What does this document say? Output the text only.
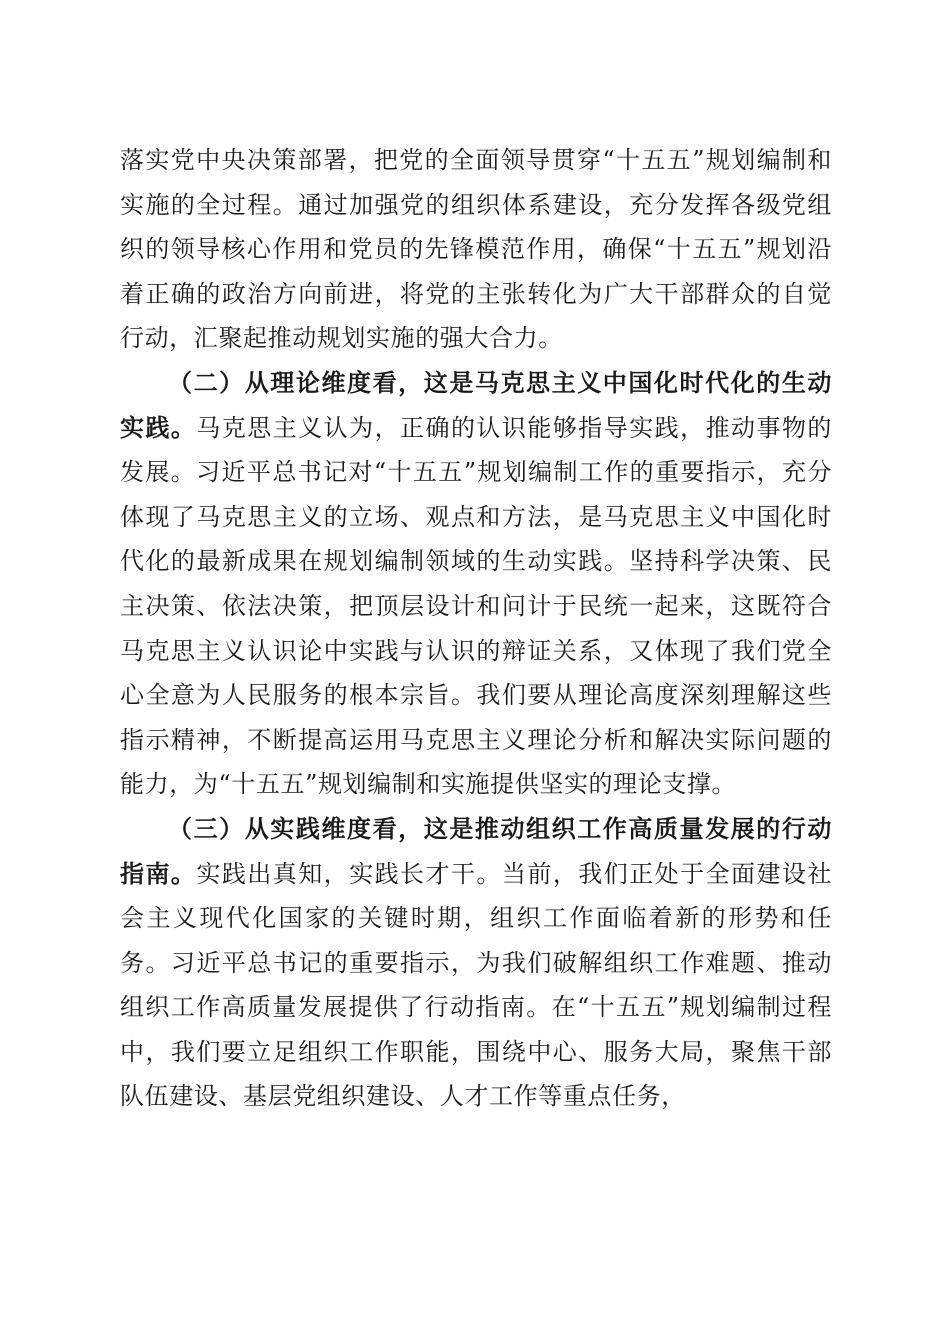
落实党中央决策部署，把党的全面领导贯穿“十五五”规划编制和实施的全过程。通过加强党的组织体系建设，充分发挥各级党组织的领导核心作用和党员的先锋模范作用，确保“十五五”规划沿着正确的政治方向前进，将党的主张转化为广大干部群众的自觉行动，汇聚起推动规划实施的强大合力。

（二）从理论维度看，这是马克思主义中国化时代化的生动实践。马克思主义认为，正确的认识能够指导实践，推动事物的发展。习近平总书记对“十五五”规划编制工作的重要指示，充分体现了马克思主义的立场、观点和方法，是马克思主义中国化时代化的最新成果在规划编制领域的生动实践。坚持科学决策、民主决策、依法决策，把顶层设计和问计于民统一起来，这既符合马克思主义认识论中实践与认识的辩证关系，又体现了我们党全心全意为人民服务的根本宗旨。我们要从理论高度深刻理解这些指示精神，不断提高运用马克思主义理论分析和解决实际问题的能力，为“十五五”规划编制和实施提供坚实的理论支撑。

（三）从实践维度看，这是推动组织工作高质量发展的行动指南。实践出真知，实践长才干。当前，我们正处于全面建设社会主义现代化国家的关键时期，组织工作面临着新的形势和任务。习近平总书记的重要指示，为我们破解组织工作难题、推动组织工作高质量发展提供了行动指南。在“十五五”规划编制过程中，我们要立足组织工作职能，围绕中心、服务大局，聚焦干部队伍建设、基层党组织建设、人才工作等重点任务，
